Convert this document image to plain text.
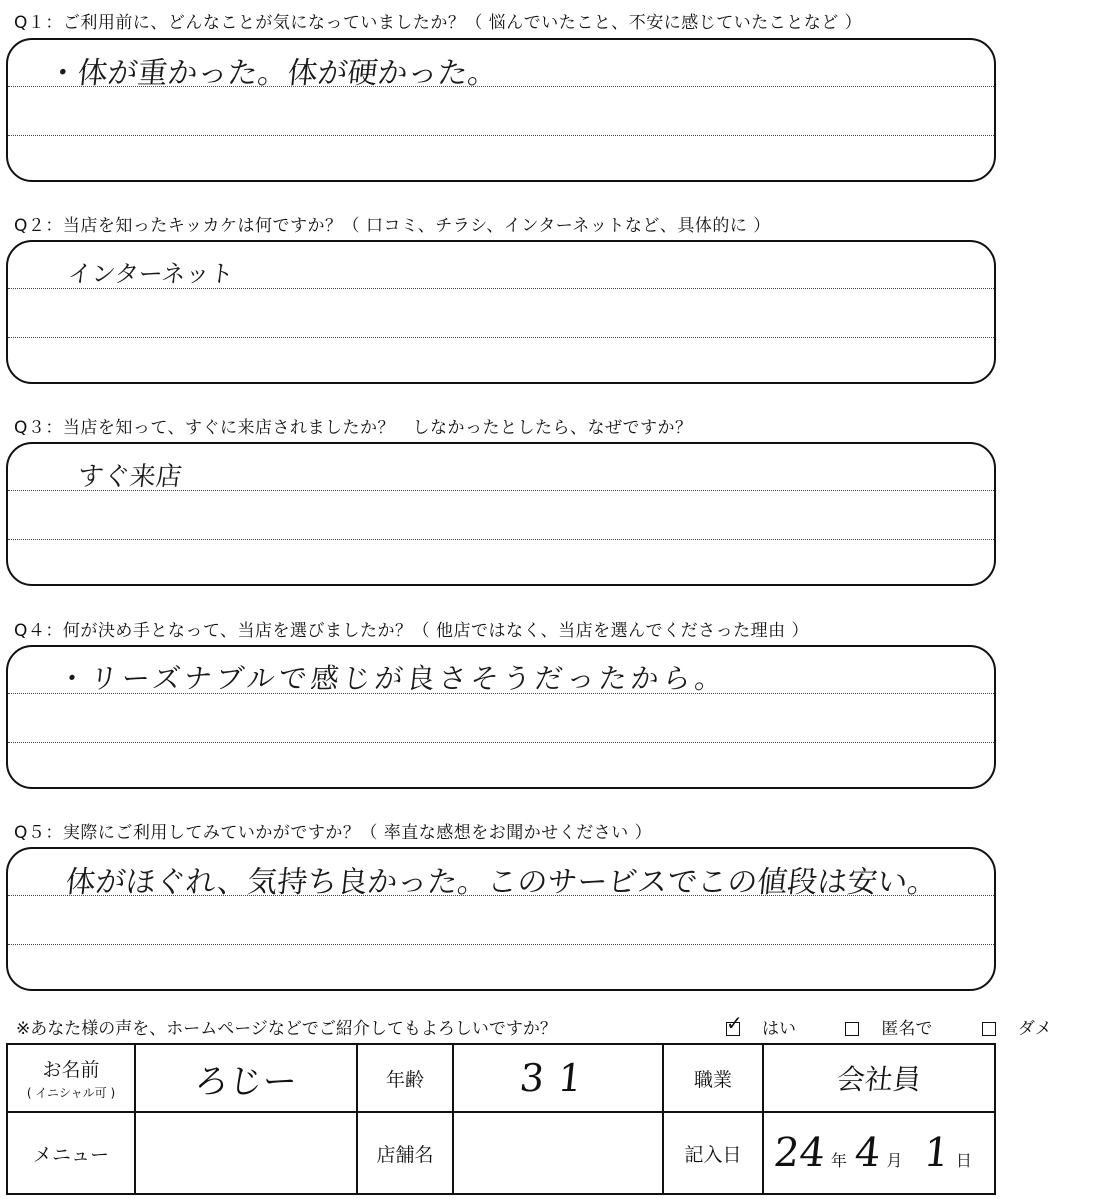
Q１：ご利用前に、どんなことが気になっていましたか？（ 悩んでいたこと、不安に感じていたことなど ）
・体が重かった。体が硬かった。
Q２：当店を知ったキッカケは何ですか？（ 口コミ、チラシ、インターネットなど、具体的に ）
インターネット
Q３：当店を知って、すぐに来店されましたか？　しなかったとしたら、なぜですか？
すぐ来店
Q４：何が決め手となって、当店を選びましたか？（ 他店ではなく、当店を選んでくださった理由 ）
・リーズナブルで感じが良さそうだったから。
Q５：実際にご利用してみていかがですか？（ 率直な感想をお聞かせください ）
体がほぐれ、気持ち良かった。このサービスでこの値段は安い。
※あなた様の声を、ホームページなどでご紹介してもよろしいですか？ ✓	はい	匿名で	ダメ
お名前
( イニシャル可 )	ろじー	年齢	31	職業	会社員
メニュー		店舗名		記入日	24 年 4 月 1 日
